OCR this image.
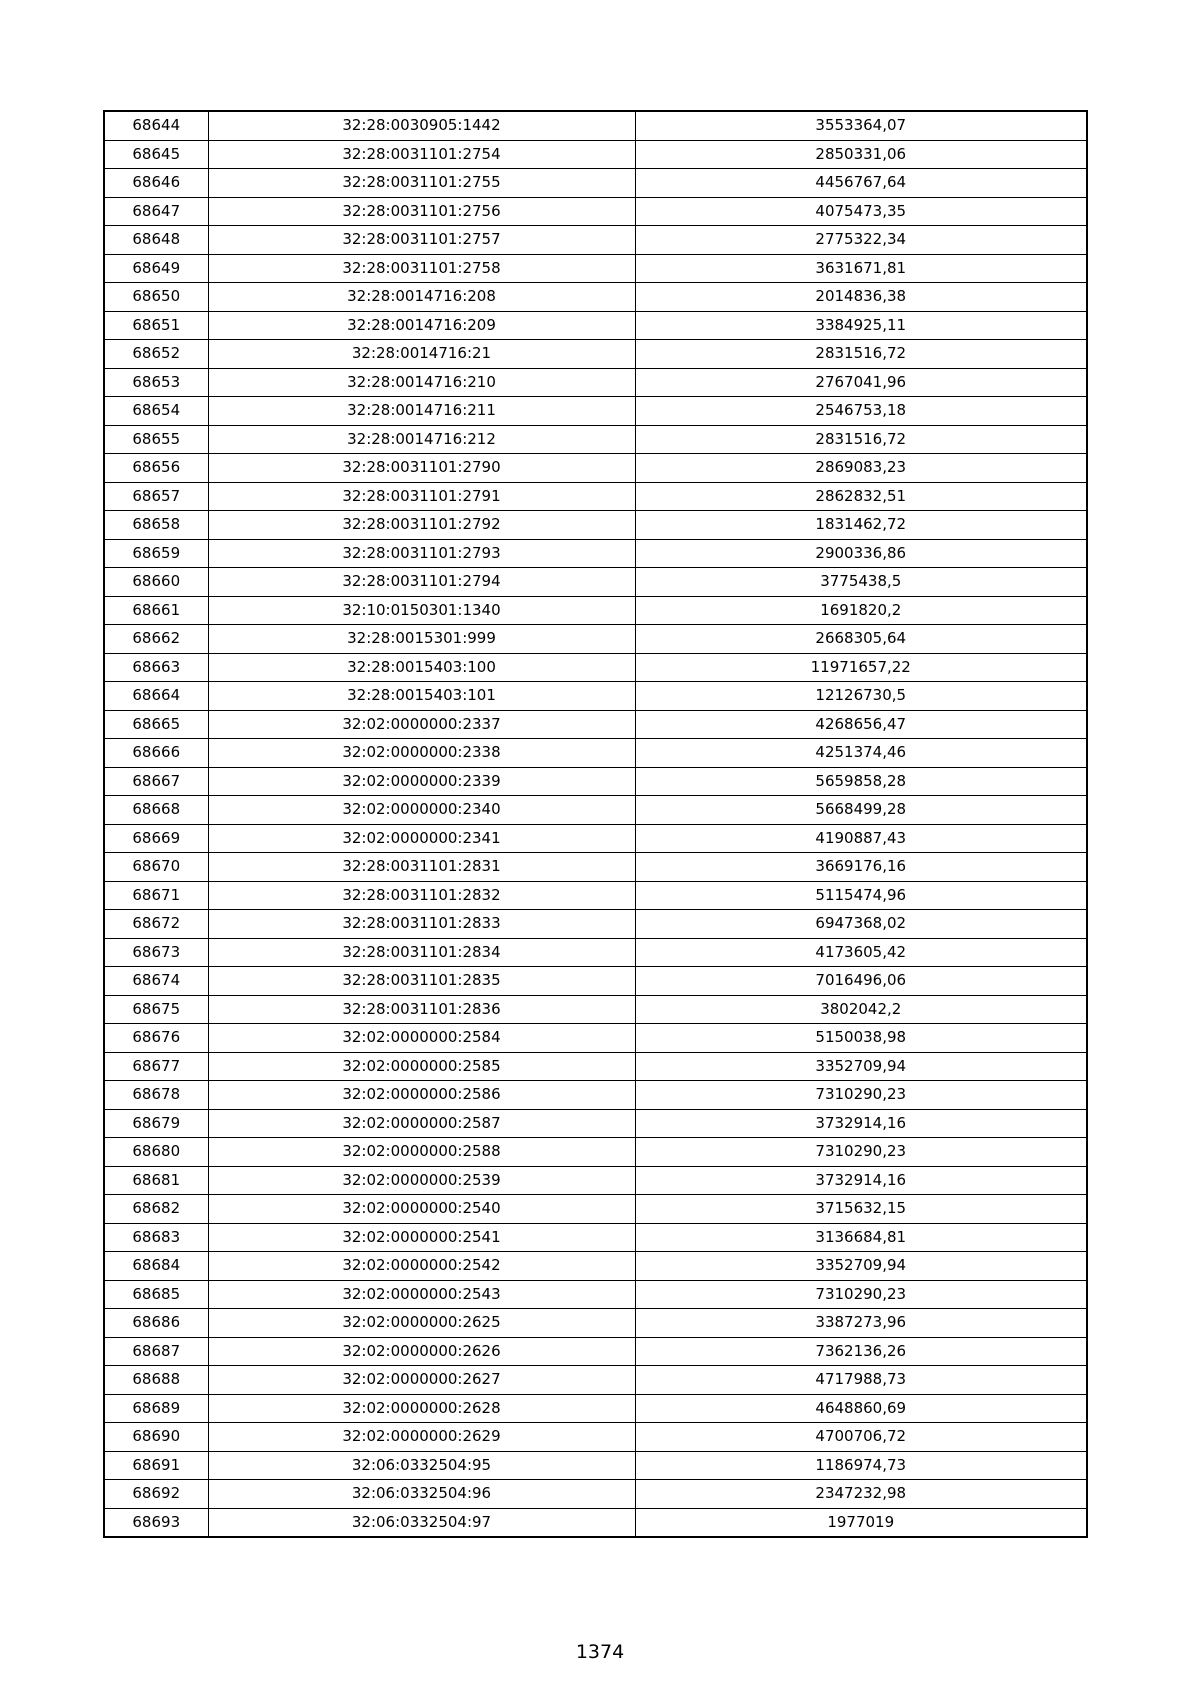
68644	32:28:0030905:1442	3553364,07
68645	32:28:0031101:2754	2850331,06
68646	32:28:0031101:2755	4456767,64
68647	32:28:0031101:2756	4075473,35
68648	32:28:0031101:2757	2775322,34
68649	32:28:0031101:2758	3631671,81
68650	32:28:0014716:208	2014836,38
68651	32:28:0014716:209	3384925,11
68652	32:28:0014716:21	2831516,72
68653	32:28:0014716:210	2767041,96
68654	32:28:0014716:211	2546753,18
68655	32:28:0014716:212	2831516,72
68656	32:28:0031101:2790	2869083,23
68657	32:28:0031101:2791	2862832,51
68658	32:28:0031101:2792	1831462,72
68659	32:28:0031101:2793	2900336,86
68660	32:28:0031101:2794	3775438,5
68661	32:10:0150301:1340	1691820,2
68662	32:28:0015301:999	2668305,64
68663	32:28:0015403:100	11971657,22
68664	32:28:0015403:101	12126730,5
68665	32:02:0000000:2337	4268656,47
68666	32:02:0000000:2338	4251374,46
68667	32:02:0000000:2339	5659858,28
68668	32:02:0000000:2340	5668499,28
68669	32:02:0000000:2341	4190887,43
68670	32:28:0031101:2831	3669176,16
68671	32:28:0031101:2832	5115474,96
68672	32:28:0031101:2833	6947368,02
68673	32:28:0031101:2834	4173605,42
68674	32:28:0031101:2835	7016496,06
68675	32:28:0031101:2836	3802042,2
68676	32:02:0000000:2584	5150038,98
68677	32:02:0000000:2585	3352709,94
68678	32:02:0000000:2586	7310290,23
68679	32:02:0000000:2587	3732914,16
68680	32:02:0000000:2588	7310290,23
68681	32:02:0000000:2539	3732914,16
68682	32:02:0000000:2540	3715632,15
68683	32:02:0000000:2541	3136684,81
68684	32:02:0000000:2542	3352709,94
68685	32:02:0000000:2543	7310290,23
68686	32:02:0000000:2625	3387273,96
68687	32:02:0000000:2626	7362136,26
68688	32:02:0000000:2627	4717988,73
68689	32:02:0000000:2628	4648860,69
68690	32:02:0000000:2629	4700706,72
68691	32:06:0332504:95	1186974,73
68692	32:06:0332504:96	2347232,98
68693	32:06:0332504:97	1977019
1374
